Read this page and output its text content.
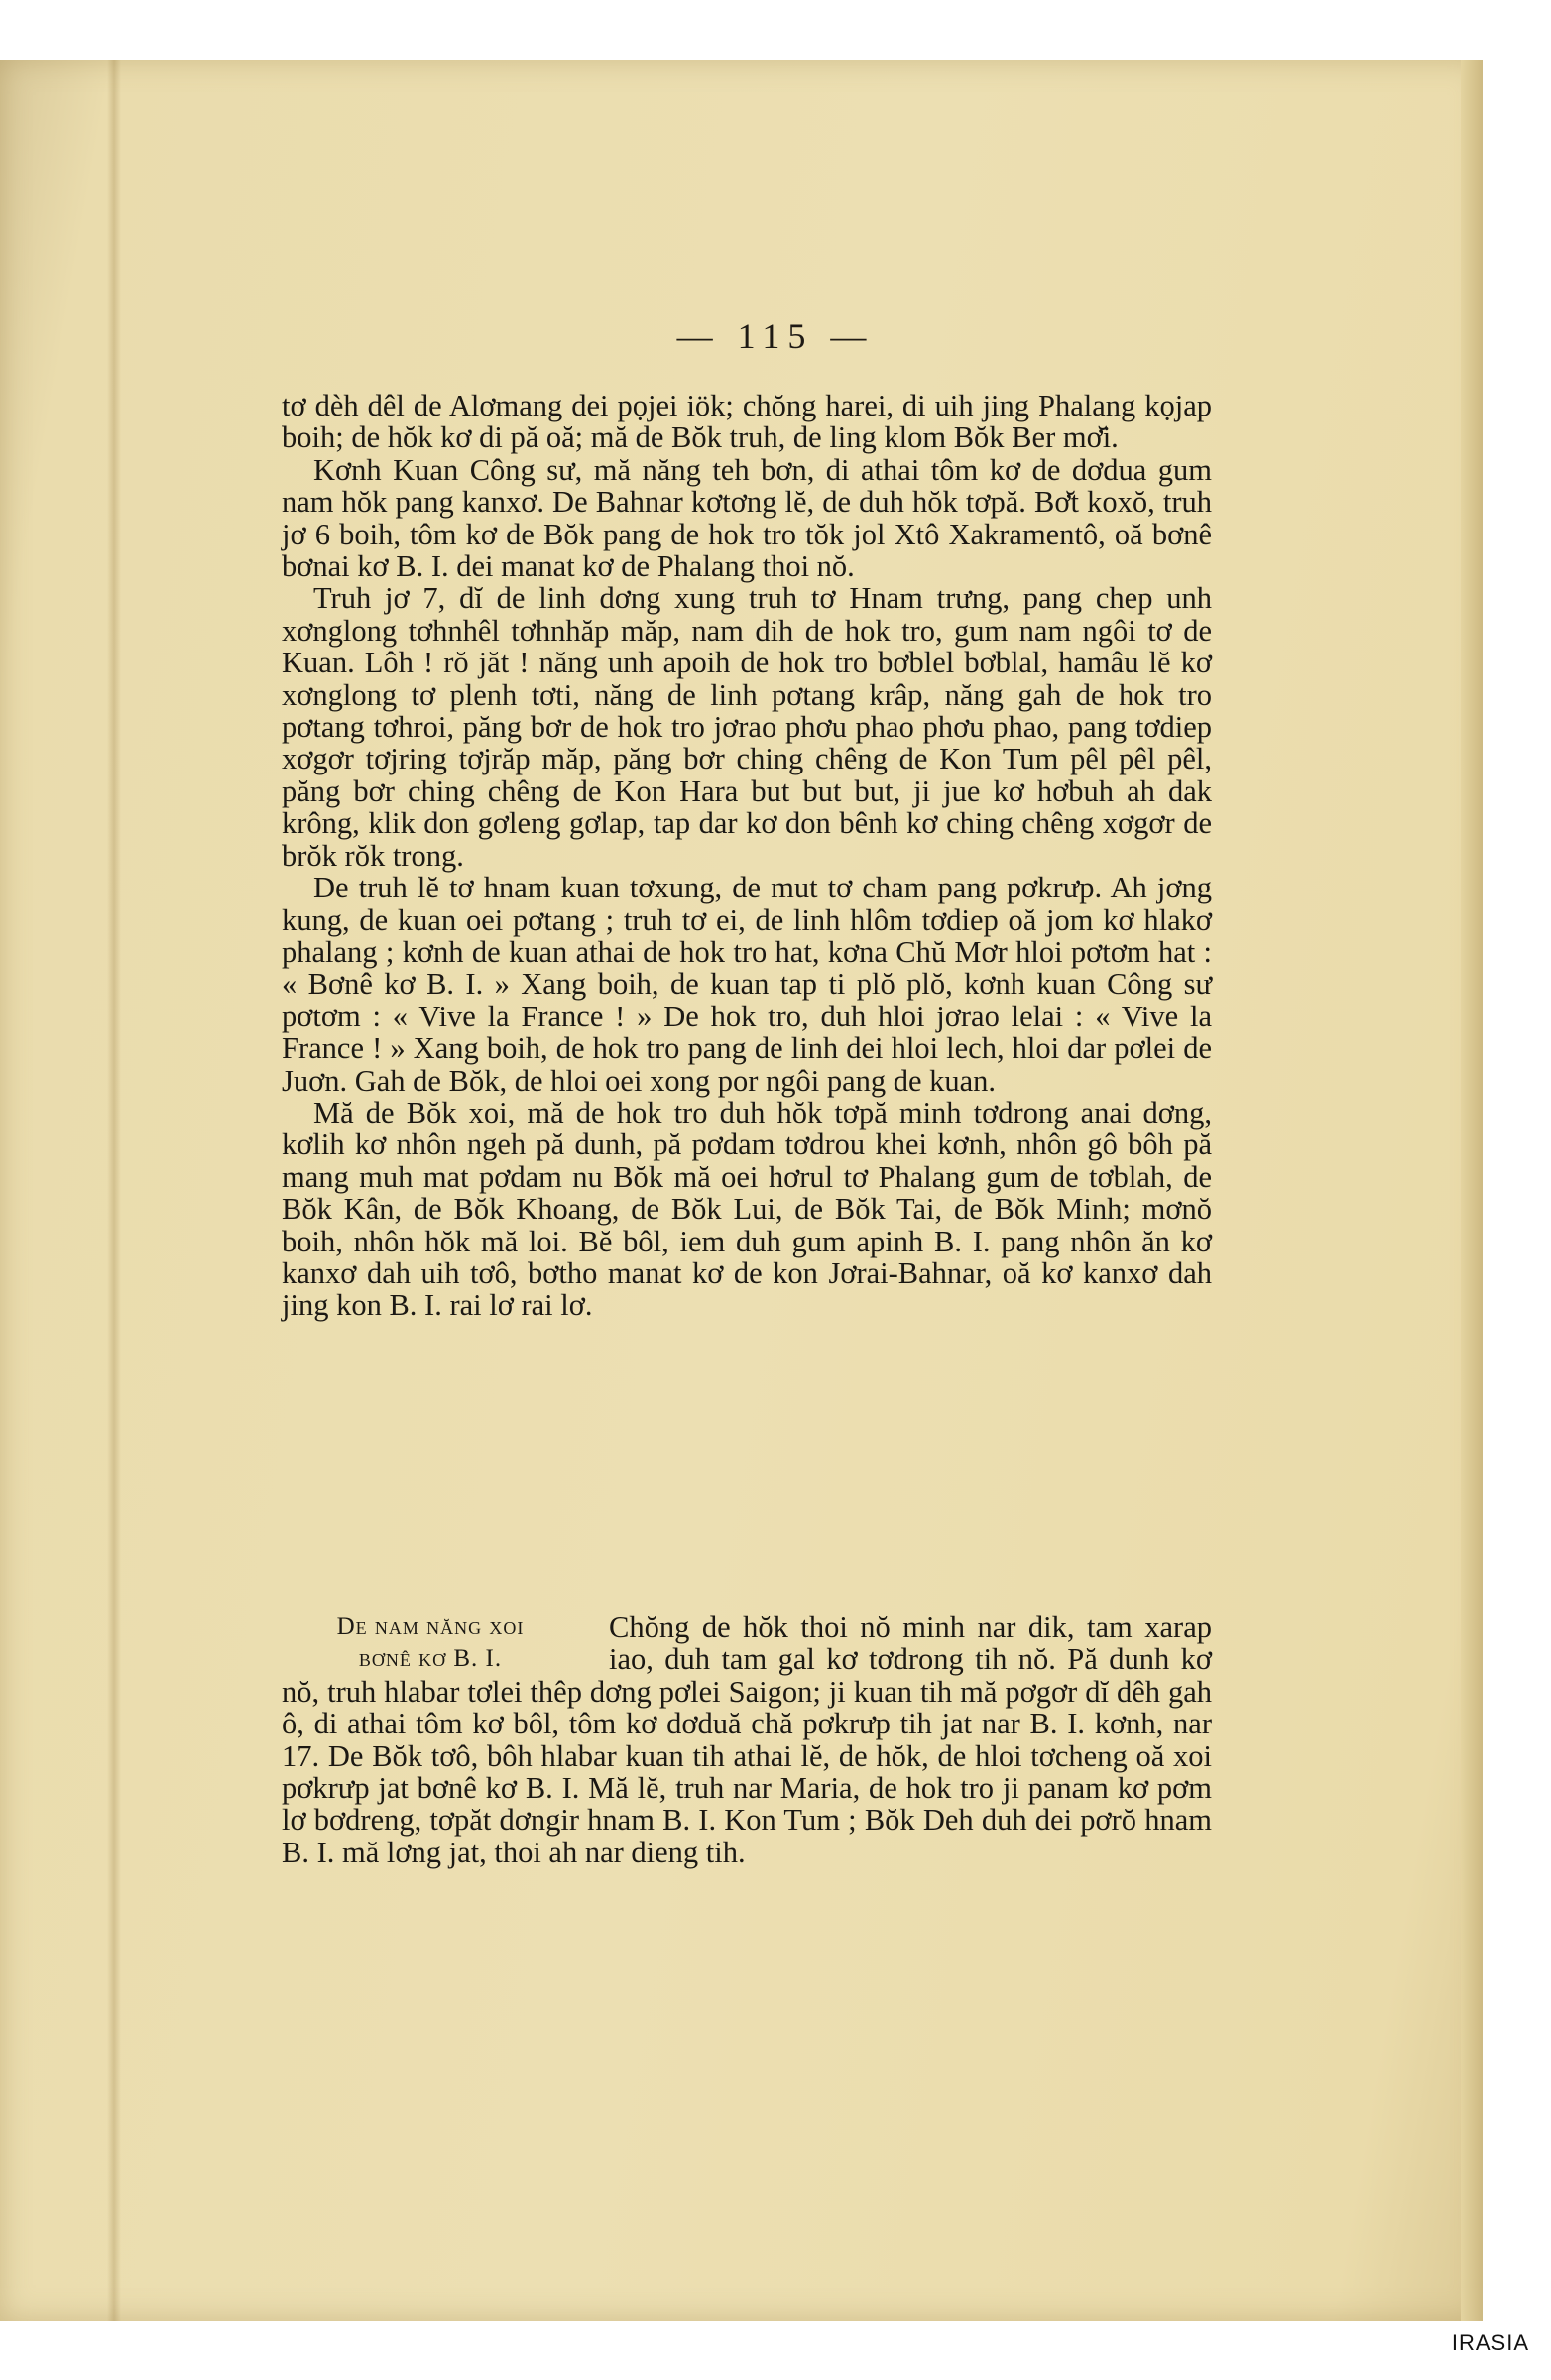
— 115 —

tơ dèh dêl de Alơmang dei pọjei iök; chŏng harei, di uih jing Phalang kọjap boih; de hŏk kơ di pă oă; mă de Bŏk truh, de ling klom Bŏk Ber mơ̆i.

Kơnh Kuan Công sư, mă năng teh bơn, di athai tôm kơ de dơdua gum nam hŏk pang kanxơ. De Bahnar kơtơng lĕ, de duh hŏk tơpă. Bơ̆t koxŏ, truh jơ 6 boih, tôm kơ de Bŏk pang de hok tro tŏk jol Xtô Xakramentô, oă bơnê bơnai kơ B. I. dei manat kơ de Phalang thoi nŏ.

Truh jơ 7, dĭ de linh dơng xung truh tơ Hnam trưng, pang chep unh xơnglong tơhnhêl tơhnhăp măp, nam dih de hok tro, gum nam ngôi tơ de Kuan. Lôh ! rŏ jăt ! năng unh apoih de hok tro bơblel bơblal, hamâu lĕ kơ xơnglong tơ plenh tơti, năng de linh pơtang krâp, năng gah de hok tro pơtang tơhroi, păng bơr de hok tro jơrao phơu phao phơu phao, pang tơdiep xơgơr tơjring tơjrăp măp, păng bơr ching chêng de Kon Tum pêl pêl pêl, păng bơr ching chêng de Kon Hara but but but, ji jue kơ hơbuh ah dak krông, klik don gơleng gơlap, tap dar kơ don bênh kơ ching chêng xơgơr de brŏk rŏk trong.

De truh lĕ tơ hnam kuan tơxung, de mut tơ cham pang pơkrưp. Ah jơng kung, de kuan oei pơtang ; truh tơ ei, de linh hlôm tơdiep oă jom kơ hlakơ phalang ; kơnh de kuan athai de hok tro hat, kơna Chŭ Mơr hloi pơtơm hat : « Bơnê kơ B. I. » Xang boih, de kuan tap ti plŏ plŏ, kơnh kuan Công sư pơtơm : « Vive la France ! » De hok tro, duh hloi jơrao lelai : « Vive la France ! » Xang boih, de hok tro pang de linh dei hloi lech, hloi dar pơlei de Juơn. Gah de Bŏk, de hloi oei xong por ngôi pang de kuan.

Mă de Bŏk xoi, mă de hok tro duh hŏk tơpă minh tơdrong anai dơng, kơlih kơ nhôn ngeh pă dunh, pă pơdam tơdrou khei kơnh, nhôn gô bôh pă mang muh mat pơdam nu Bŏk mă oei hơrul tơ Phalang gum de tơblah, de Bŏk Kân, de Bŏk Khoang, de Bŏk Lui, de Bŏk Tai, de Bŏk Minh; mơnŏ boih, nhôn hŏk mă loi. Bĕ bôl, iem duh gum apinh B. I. pang nhôn ăn kơ kanxơ dah uih tơô, bơtho manat kơ de kon Jơrai-Bahnar, oă kơ kanxơ dah jing kon B. I. rai lơ rai lơ.

De nam năng xoi
bơnê kơ B. I.
Chŏng de hŏk thoi nŏ minh nar dik, tam xarap iao, duh tam gal kơ tơdrong tih nŏ. Pă dunh kơ nŏ, truh hlabar tơlei thêp dơng pơlei Saigon; ji kuan tih mă pơgơr dĭ dêh gah ô, di athai tôm kơ bôl, tôm kơ dơduă chă pơkrưp tih jat nar B. I. kơnh, nar 17. De Bŏk tơô, bôh hlabar kuan tih athai lĕ, de hŏk, de hloi tơcheng oă xoi pơkrưp jat bơnê kơ B. I. Mă lĕ, truh nar Maria, de hok tro ji panam kơ pơm lơ bơdreng, tơpăt dơngir hnam B. I. Kon Tum ; Bŏk Deh duh dei pơrŏ hnam B. I. mă lơng jat, thoi ah nar dieng tih.
IRASIA
